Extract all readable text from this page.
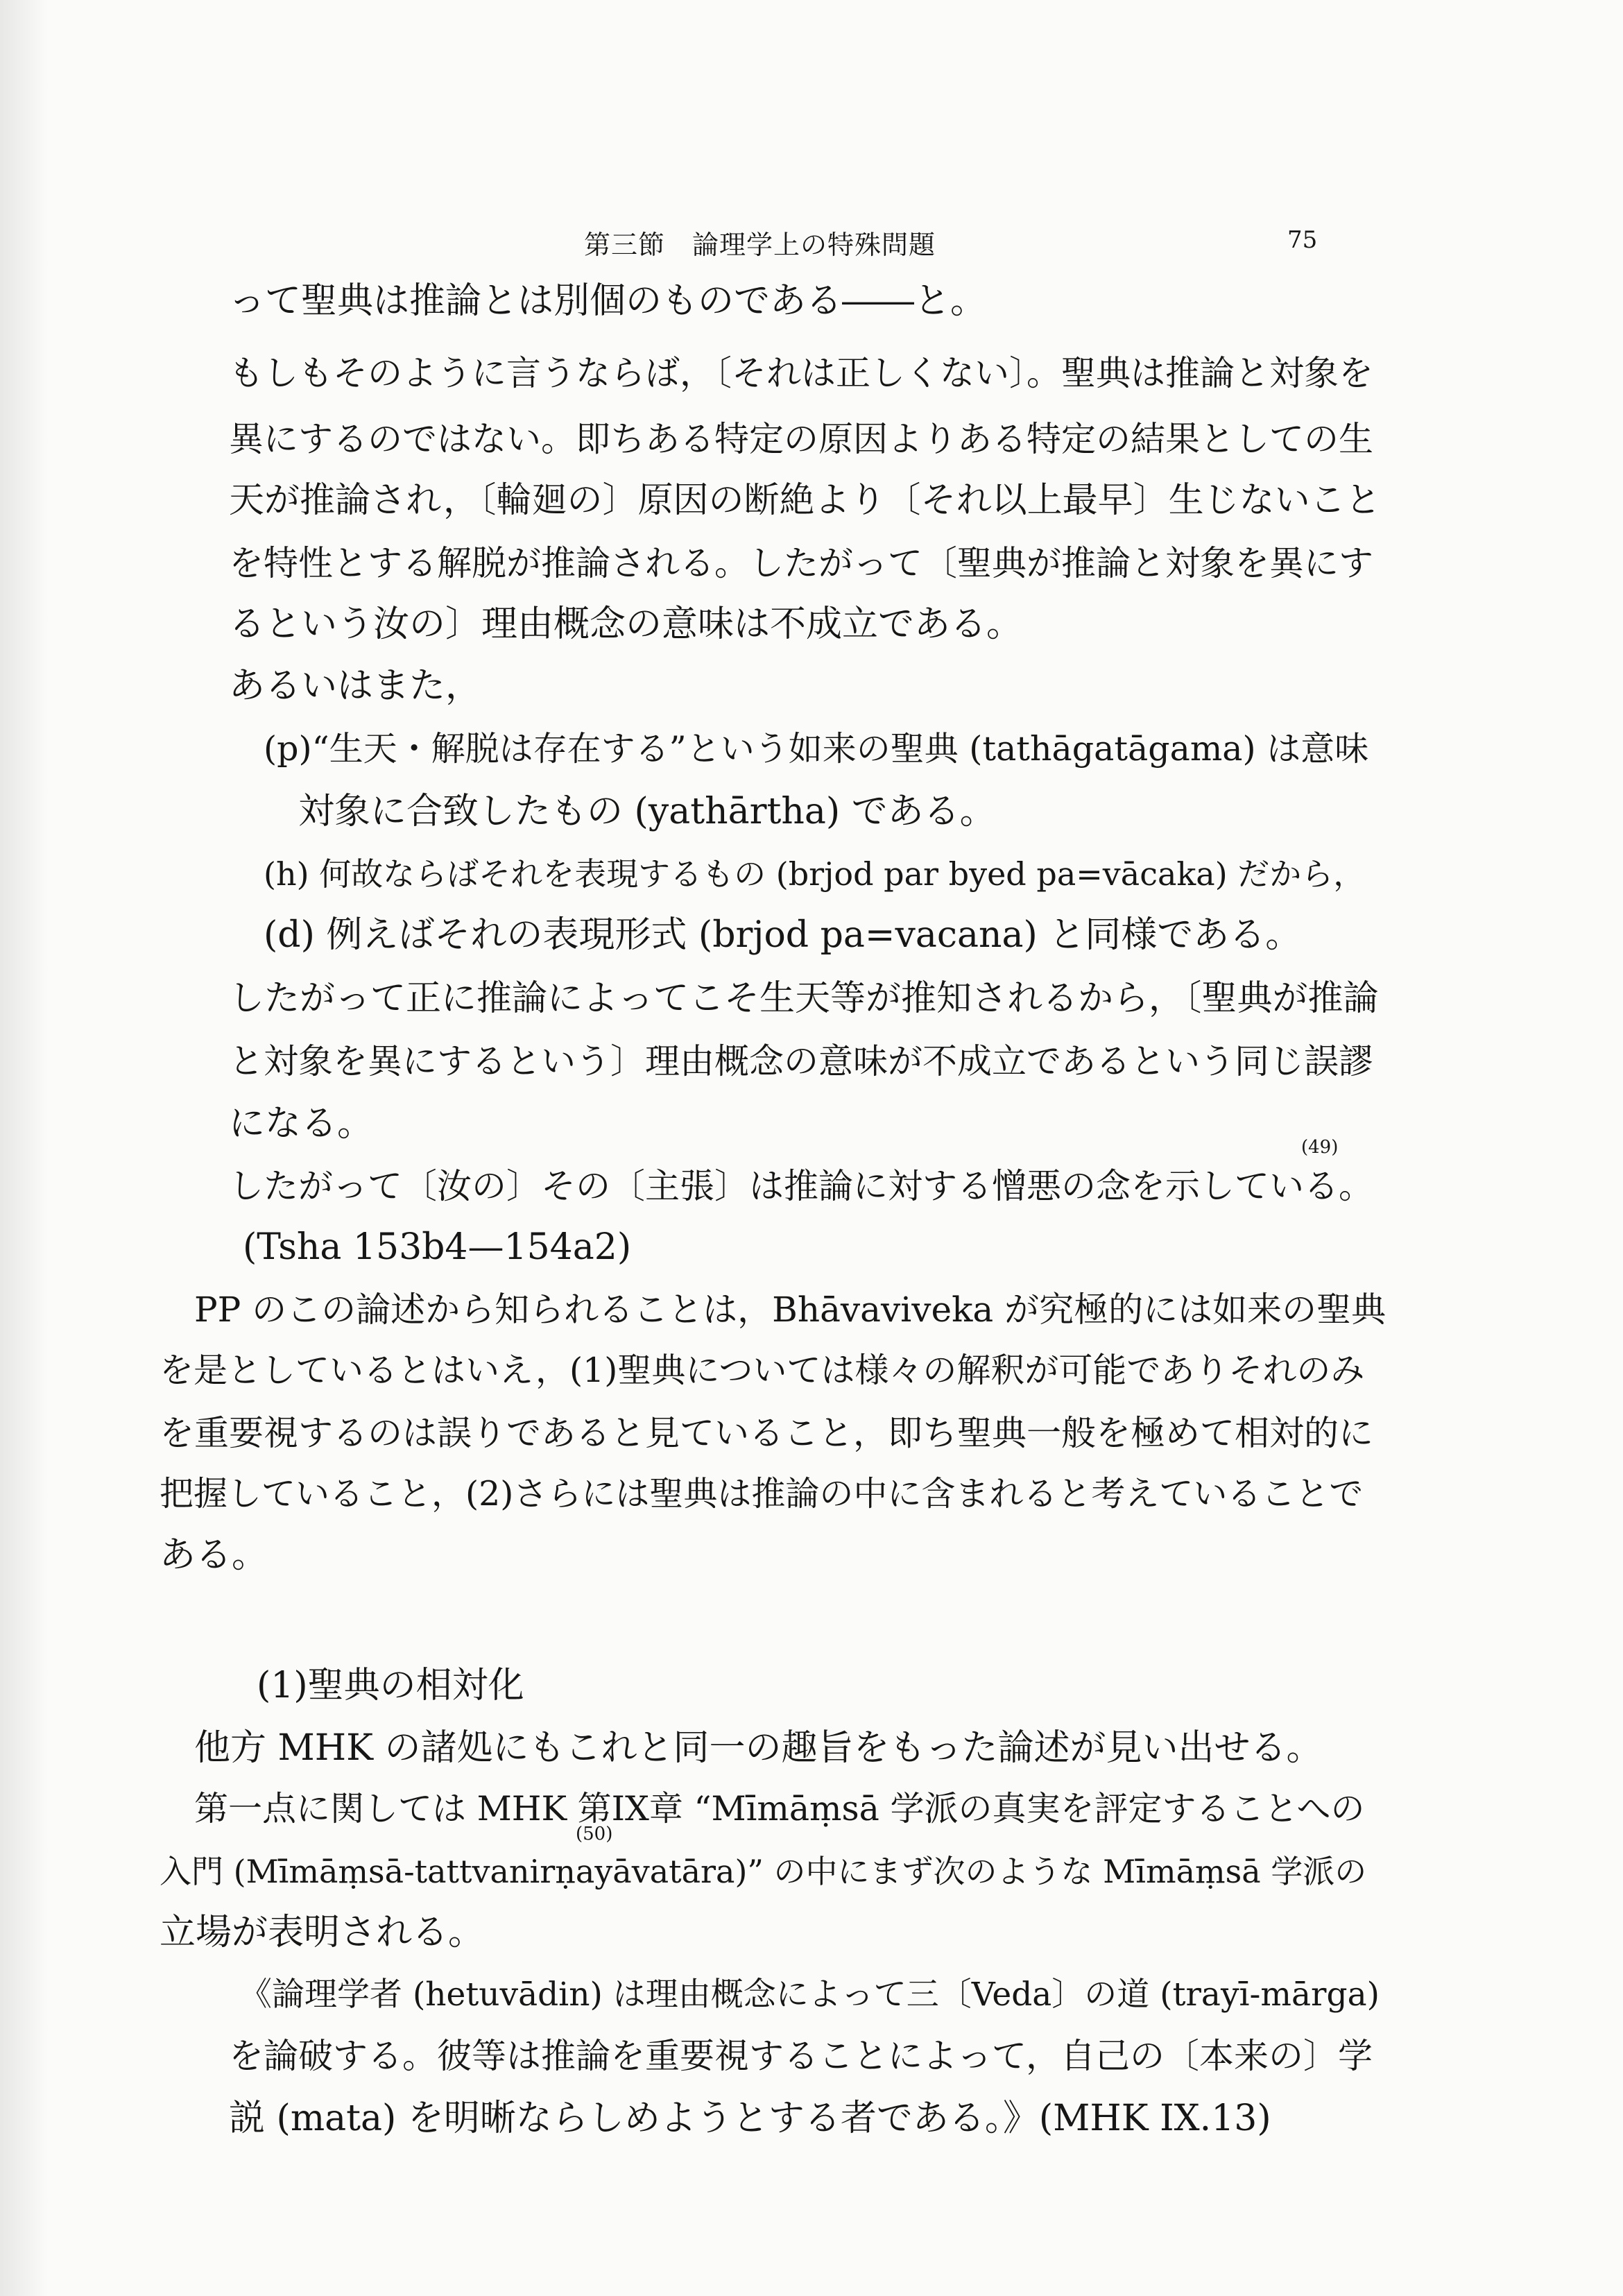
第三節　論理学上の特殊問題	75
って聖典は推論とは別個のものである――と。
もしもそのように言うならば，〔それは正しくない〕。聖典は推論と対象を
異にするのではない。即ちある特定の原因よりある特定の結果としての生
天が推論され，〔輪廻の〕原因の断絶より〔それ以上最早〕生じないこと
を特性とする解脱が推論される。したがって〔聖典が推論と対象を異にす
るという汝の〕理由概念の意味は不成立である。
あるいはまた，
(p)“生天・解脱は存在する”という如来の聖典 (tathāgatāgama) は意味
対象に合致したもの (yathārtha) である。
(h) 何故ならばそれを表現するもの (brjod par byed pa=vācaka) だから，
(d) 例えばそれの表現形式 (brjod pa=vacana) と同様である。
したがって正に推論によってこそ生天等が推知されるから，〔聖典が推論
と対象を異にするという〕理由概念の意味が不成立であるという同じ誤謬
になる。
(49)
したがって〔汝の〕その〔主張〕は推論に対する憎悪の念を示している。
(Tsha 153b4—154a2)
PP のこの論述から知られることは，Bhāvaviveka が究極的には如来の聖典
を是としているとはいえ，(1)聖典については様々の解釈が可能でありそれのみ
を重要視するのは誤りであると見ていること，即ち聖典一般を極めて相対的に
把握していること，(2)さらには聖典は推論の中に含まれると考えていることで
ある。
(1)聖典の相対化
他方 MHK の諸処にもこれと同一の趣旨をもった論述が見い出せる。
第一点に関しては MHK 第IX章 “Mīmāṃsā 学派の真実を評定することへの
(50)
入門 (Mīmāṃsā-tattvanirṇayāvatāra)” の中にまず次のような Mīmāṃsā 学派の
立場が表明される。
《論理学者 (hetuvādin) は理由概念によって三〔Veda〕の道 (trayī-mārga)
を論破する。彼等は推論を重要視することによって，自己の〔本来の〕学
説 (mata) を明晰ならしめようとする者である。》(MHK IX.13)
